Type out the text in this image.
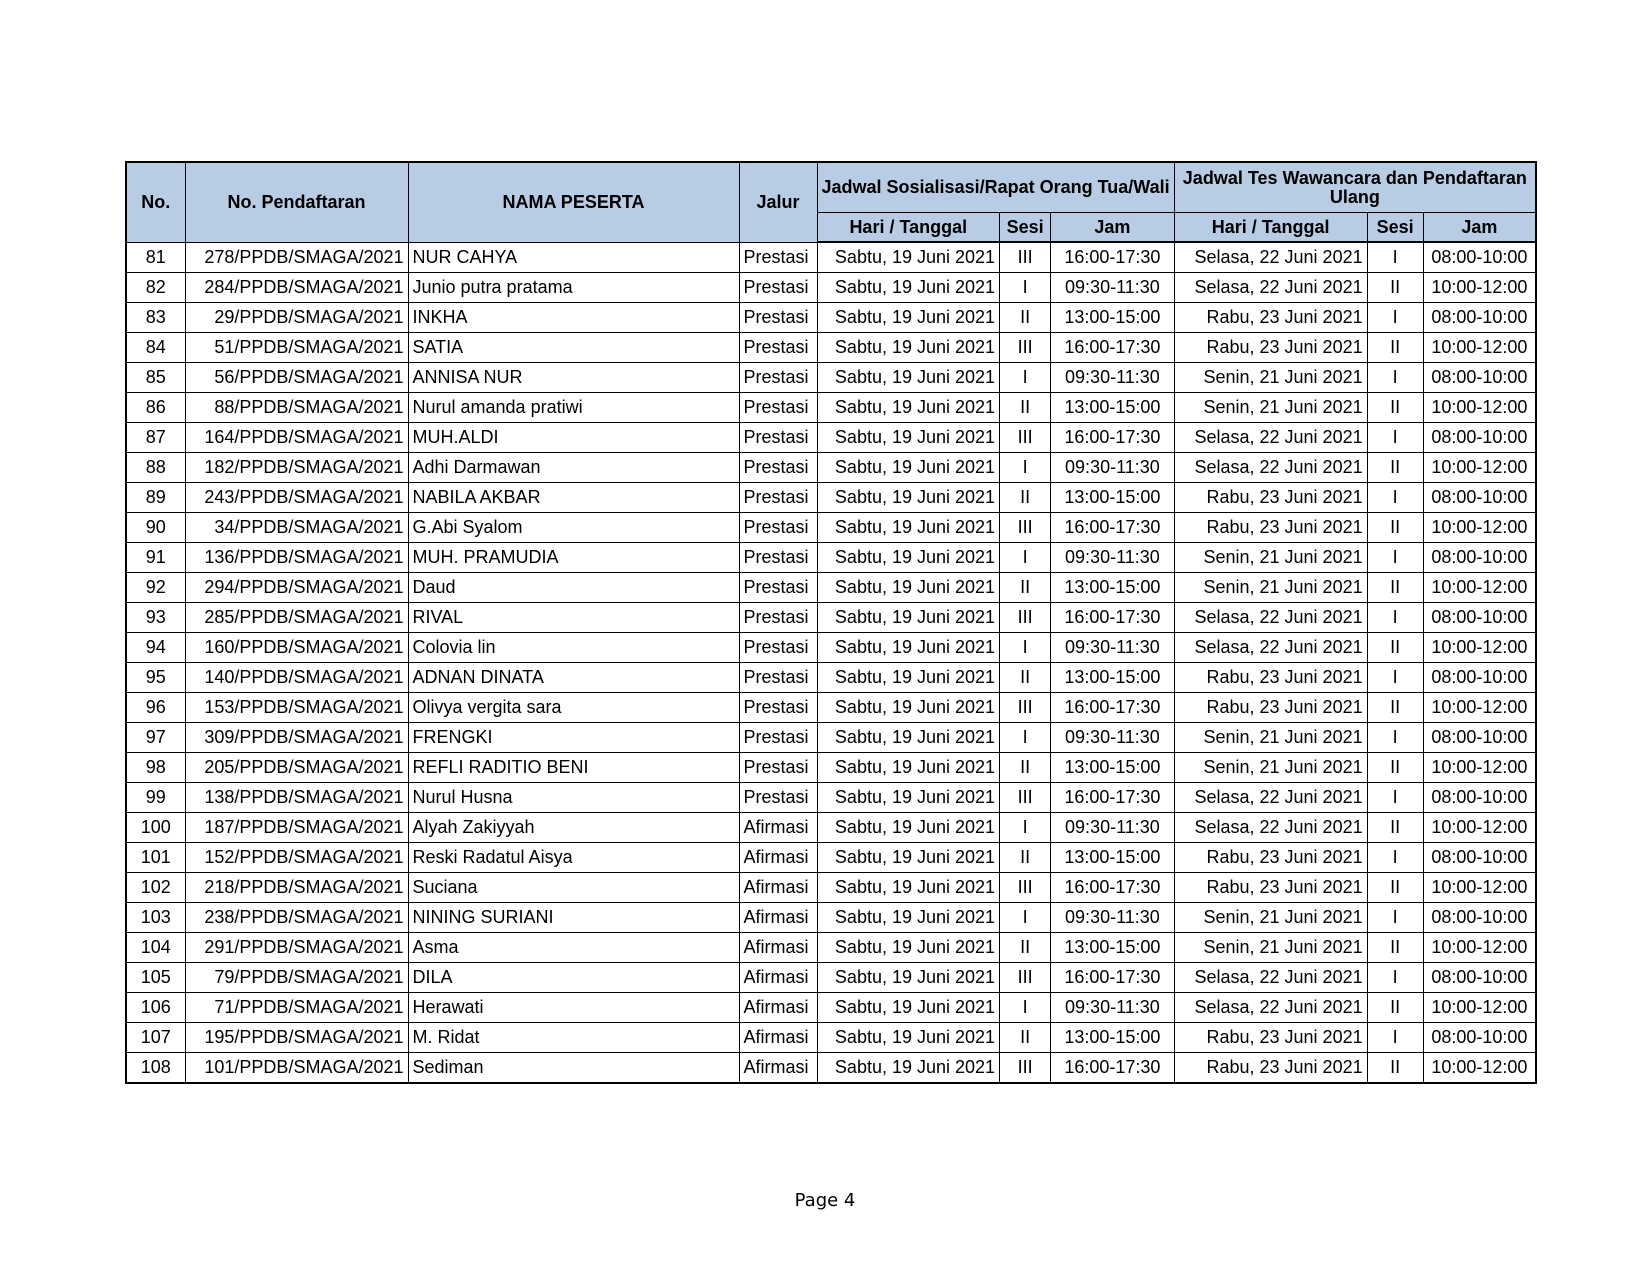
No.	No. Pendaftaran	NAMA PESERTA	Jalur	Jadwal Sosialisasi/Rapat Orang Tua/Wali			Jadwal Tes Wawancara dan Pendaftaran Ulang		
				Hari / Tanggal	Sesi	Jam	Hari / Tanggal	Sesi	Jam
81	278/PPDB/SMAGA/2021	NUR CAHYA	Prestasi	Sabtu, 19 Juni 2021	III	16:00-17:30	Selasa, 22 Juni 2021	I	08:00-10:00
82	284/PPDB/SMAGA/2021	Junio putra pratama	Prestasi	Sabtu, 19 Juni 2021	I	09:30-11:30	Selasa, 22 Juni 2021	II	10:00-12:00
83	29/PPDB/SMAGA/2021	INKHA	Prestasi	Sabtu, 19 Juni 2021	II	13:00-15:00	Rabu, 23 Juni 2021	I	08:00-10:00
84	51/PPDB/SMAGA/2021	SATIA	Prestasi	Sabtu, 19 Juni 2021	III	16:00-17:30	Rabu, 23 Juni 2021	II	10:00-12:00
85	56/PPDB/SMAGA/2021	ANNISA NUR	Prestasi	Sabtu, 19 Juni 2021	I	09:30-11:30	Senin, 21 Juni 2021	I	08:00-10:00
86	88/PPDB/SMAGA/2021	Nurul amanda pratiwi	Prestasi	Sabtu, 19 Juni 2021	II	13:00-15:00	Senin, 21 Juni 2021	II	10:00-12:00
87	164/PPDB/SMAGA/2021	MUH.ALDI	Prestasi	Sabtu, 19 Juni 2021	III	16:00-17:30	Selasa, 22 Juni 2021	I	08:00-10:00
88	182/PPDB/SMAGA/2021	Adhi Darmawan	Prestasi	Sabtu, 19 Juni 2021	I	09:30-11:30	Selasa, 22 Juni 2021	II	10:00-12:00
89	243/PPDB/SMAGA/2021	NABILA AKBAR	Prestasi	Sabtu, 19 Juni 2021	II	13:00-15:00	Rabu, 23 Juni 2021	I	08:00-10:00
90	34/PPDB/SMAGA/2021	G.Abi Syalom	Prestasi	Sabtu, 19 Juni 2021	III	16:00-17:30	Rabu, 23 Juni 2021	II	10:00-12:00
91	136/PPDB/SMAGA/2021	MUH. PRAMUDIA	Prestasi	Sabtu, 19 Juni 2021	I	09:30-11:30	Senin, 21 Juni 2021	I	08:00-10:00
92	294/PPDB/SMAGA/2021	Daud	Prestasi	Sabtu, 19 Juni 2021	II	13:00-15:00	Senin, 21 Juni 2021	II	10:00-12:00
93	285/PPDB/SMAGA/2021	RIVAL	Prestasi	Sabtu, 19 Juni 2021	III	16:00-17:30	Selasa, 22 Juni 2021	I	08:00-10:00
94	160/PPDB/SMAGA/2021	Colovia lin	Prestasi	Sabtu, 19 Juni 2021	I	09:30-11:30	Selasa, 22 Juni 2021	II	10:00-12:00
95	140/PPDB/SMAGA/2021	ADNAN DINATA	Prestasi	Sabtu, 19 Juni 2021	II	13:00-15:00	Rabu, 23 Juni 2021	I	08:00-10:00
96	153/PPDB/SMAGA/2021	Olivya vergita sara	Prestasi	Sabtu, 19 Juni 2021	III	16:00-17:30	Rabu, 23 Juni 2021	II	10:00-12:00
97	309/PPDB/SMAGA/2021	FRENGKI	Prestasi	Sabtu, 19 Juni 2021	I	09:30-11:30	Senin, 21 Juni 2021	I	08:00-10:00
98	205/PPDB/SMAGA/2021	REFLI RADITIO BENI	Prestasi	Sabtu, 19 Juni 2021	II	13:00-15:00	Senin, 21 Juni 2021	II	10:00-12:00
99	138/PPDB/SMAGA/2021	Nurul Husna	Prestasi	Sabtu, 19 Juni 2021	III	16:00-17:30	Selasa, 22 Juni 2021	I	08:00-10:00
100	187/PPDB/SMAGA/2021	Alyah Zakiyyah	Afirmasi	Sabtu, 19 Juni 2021	I	09:30-11:30	Selasa, 22 Juni 2021	II	10:00-12:00
101	152/PPDB/SMAGA/2021	Reski Radatul Aisya	Afirmasi	Sabtu, 19 Juni 2021	II	13:00-15:00	Rabu, 23 Juni 2021	I	08:00-10:00
102	218/PPDB/SMAGA/2021	Suciana	Afirmasi	Sabtu, 19 Juni 2021	III	16:00-17:30	Rabu, 23 Juni 2021	II	10:00-12:00
103	238/PPDB/SMAGA/2021	NINING SURIANI	Afirmasi	Sabtu, 19 Juni 2021	I	09:30-11:30	Senin, 21 Juni 2021	I	08:00-10:00
104	291/PPDB/SMAGA/2021	Asma	Afirmasi	Sabtu, 19 Juni 2021	II	13:00-15:00	Senin, 21 Juni 2021	II	10:00-12:00
105	79/PPDB/SMAGA/2021	DILA	Afirmasi	Sabtu, 19 Juni 2021	III	16:00-17:30	Selasa, 22 Juni 2021	I	08:00-10:00
106	71/PPDB/SMAGA/2021	Herawati	Afirmasi	Sabtu, 19 Juni 2021	I	09:30-11:30	Selasa, 22 Juni 2021	II	10:00-12:00
107	195/PPDB/SMAGA/2021	M. Ridat	Afirmasi	Sabtu, 19 Juni 2021	II	13:00-15:00	Rabu, 23 Juni 2021	I	08:00-10:00
108	101/PPDB/SMAGA/2021	Sediman	Afirmasi	Sabtu, 19 Juni 2021	III	16:00-17:30	Rabu, 23 Juni 2021	II	10:00-12:00
Page 4
